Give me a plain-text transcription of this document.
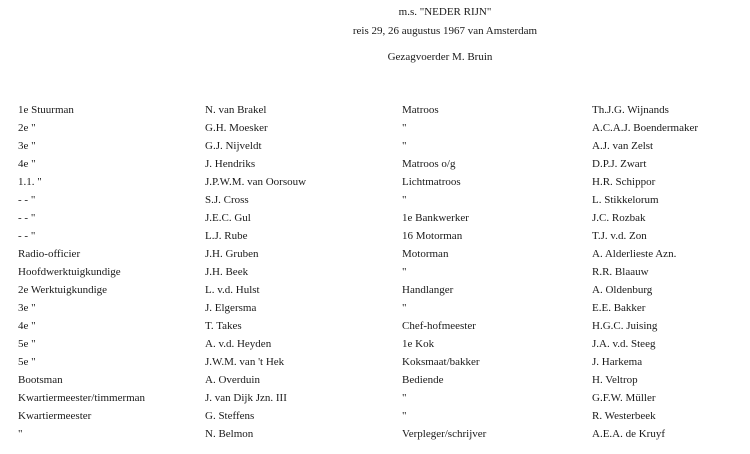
m.s. "NEDER RIJN"
reis 29, 26 augustus 1967 van Amsterdam
Gezagvoerder M. Bruin
1e Stuurman
2e "
3e "
4e "
1.1. "
- - "
- - "
- - "
Radio-officier
Hoofdwerktuigkundige
2e Werktuigkundige
3e "
4e "
5e "
5e "
Bootsman
Kwartiermeester/timmerman
Kwartiermeester
"
N. van Brakel
G.H. Moesker
G.J. Nijveldt
J. Hendriks
J.P.W.M. van Oorsouw
S.J. Cross
J.E.C. Gul
L.J. Rube
J.H. Gruben
J.H. Beek
L. v.d. Hulst
J. Elgersma
T. Takes
A. v.d. Heyden
J.W.M. van 't Hek
A. Overduin
J. van Dijk Jzn. III
G. Steffens
N. Belmon
Matroos
"
"
Matroos o/g
Lichtmatroos
"
1e Bankwerker
16 Motorman
Motorman
"
Handlanger
"
Chef-hofmeester
1e Kok
Koksmaat/bakker
Bediende
"
"
Verpleger/schrijver
Th.J.G. Wijnands
A.C.A.J. Boendermaker
A.J. van Zelst
D.P.J. Zwart
H.R. Schippor
L. Stikkelorum
J.C. Rozbak
T.J. v.d. Zon
A. Alderlieste Azn.
R.R. Blaauw
A. Oldenburg
E.E. Bakker
H.G.C. Juising
J.A. v.d. Steeg
J. Harkema
H. Veltrop
G.F.W. Müller
R. Westerbeek
A.E.A. de Kruyf
